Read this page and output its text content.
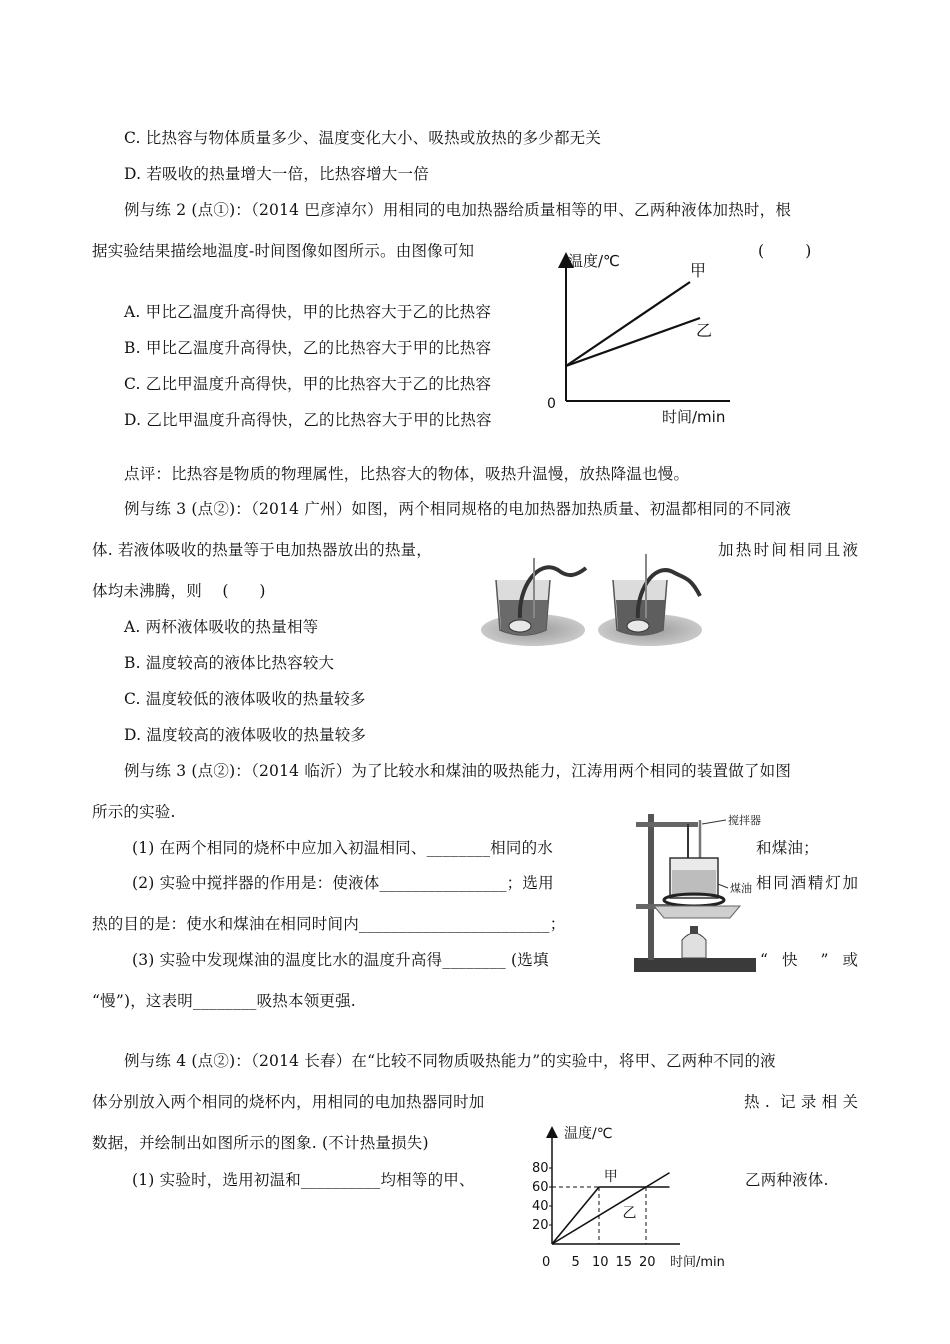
C. 比热容与物体质量多少、温度变化大小、吸热或放热的多少都无关
D. 若吸收的热量增大一倍，比热容增大一倍
例与练 2 (点①)：（2014 巴彦淖尔）用相同的电加热器给质量相等的甲、乙两种液体加热时，根
据实验结果描绘地温度-时间图像如图所示。由图像可知	(        )
A. 甲比乙温度升高得快，甲的比热容大于乙的比热容
B. 甲比乙温度升高得快，乙的比热容大于甲的比热容
C. 乙比甲温度升高得快，甲的比热容大于乙的比热容
D. 乙比甲温度升高得快，乙的比热容大于甲的比热容
点评：比热容是物质的物理属性，比热容大的物体，吸热升温慢，放热降温也慢。
例与练 3 (点②)：（2014 广州）如图，两个相同规格的电加热器加热质量、初温都相同的不同液
体. 若液体吸收的热量等于电加热器放出的热量，	加热时间相同且液
体均未沸腾，则    (      )
A. 两杯液体吸收的热量相等
B. 温度较高的液体比热容较大
C. 温度较低的液体吸收的热量较多
D. 温度较高的液体吸收的热量较多
例与练 3 (点②)：（2014 临沂）为了比较水和煤油的吸热能力，江涛用两个相同的装置做了如图
所示的实验.
(1) 在两个相同的烧杯中应加入初温相同、________相同的水	和煤油；
(2) 实验中搅拌器的作用是：使液体________________；选用	相同酒精灯加
热的目的是：使水和煤油在相同时间内________________________；
(3) 实验中发现煤油的温度比水的温度升高得________ (选填	“ 快 ” 或
“慢”)，这表明________吸热本领更强.
例与练 4 (点②)：（2014 长春）在“比较不同物质吸热能力”的实验中，将甲、乙两种不同的液
体分别放入两个相同的烧杯内，用相同的电加热器同时加	热. 记录相关
数据，并绘制出如图所示的图象. (不计热量损失)
(1) 实验时，选用初温和__________均相等的甲、	乙两种液体.
温度/℃
时间/min
0
甲
乙
搅拌器
煤油
温度/℃
时间/min
0 5 10 15 20
20
40
60
80
甲
乙
